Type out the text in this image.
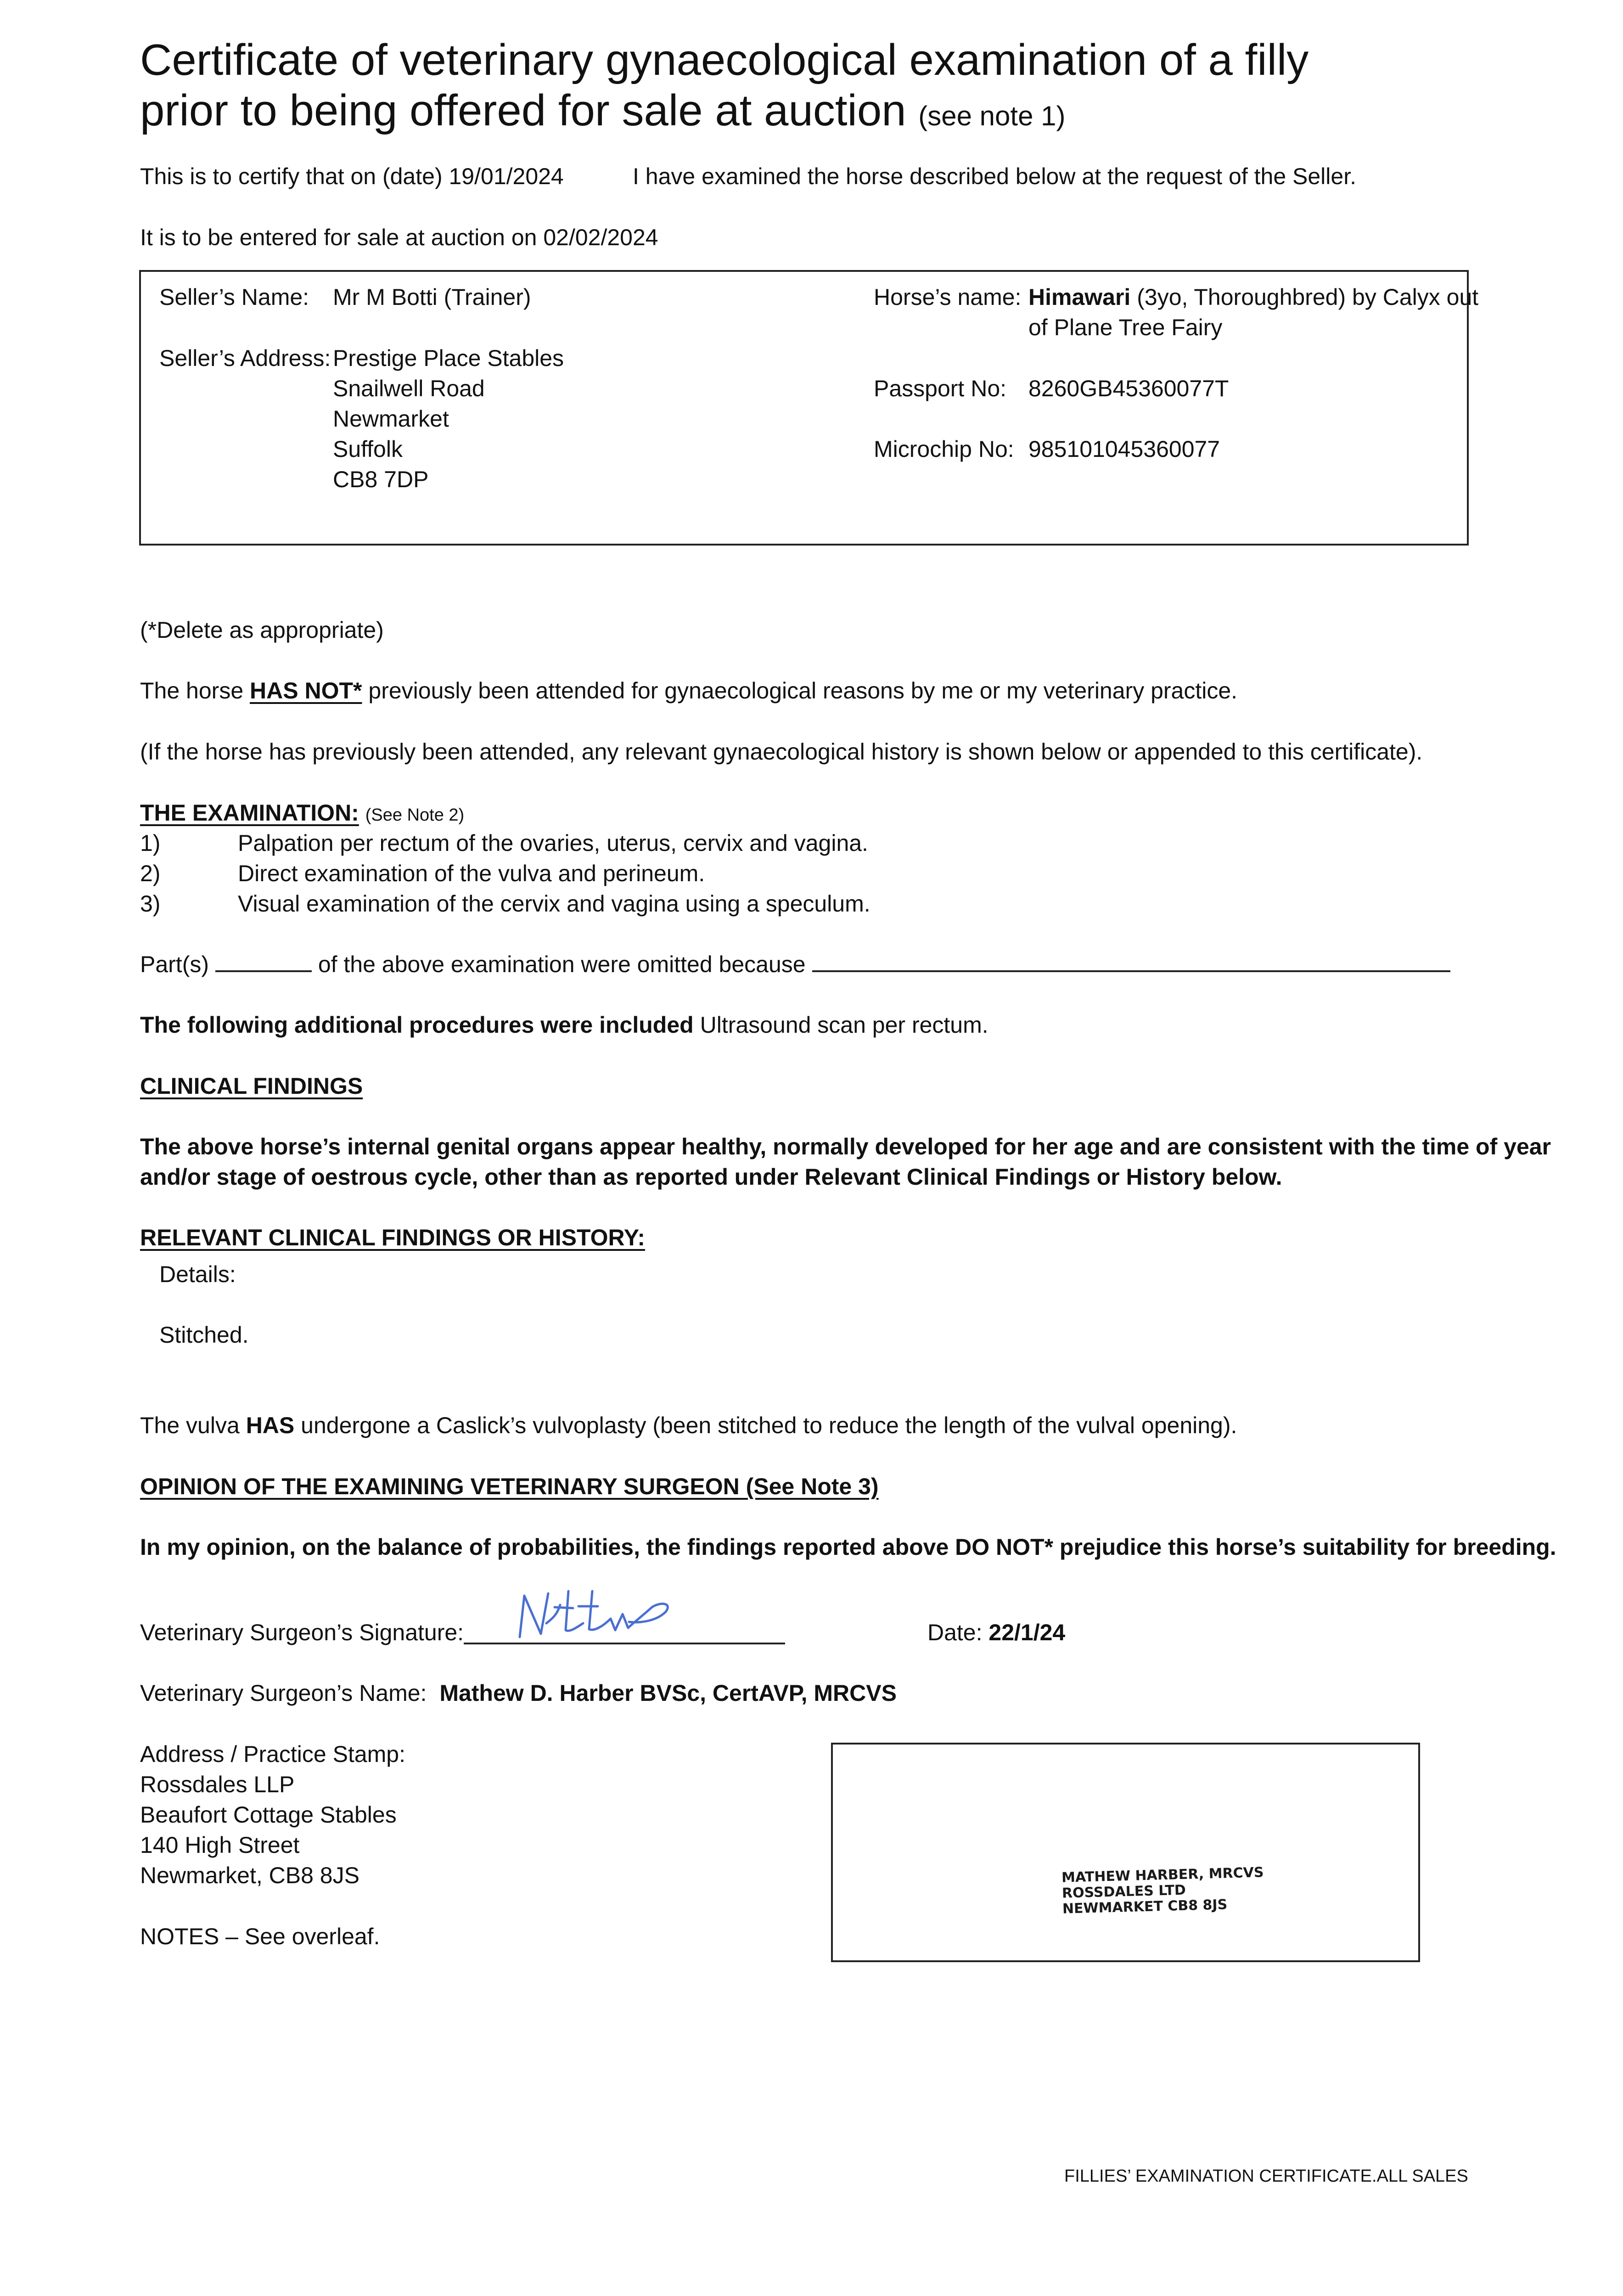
Certificate of veterinary gynaecological examination of a filly
prior to being offered for sale at auction (see note 1)
This is to certify that on (date) 19/01/2024	I have examined the horse described below at the request of the Seller.
It is to be entered for sale at auction on 02/02/2024
Seller’s Name: Mr M Botti (Trainer)
Seller’s Address: Prestige Place Stables
Snailwell Road
Newmarket
Suffolk
CB8 7DP
Horse’s name: Himawari (3yo, Thoroughbred) by Calyx out
of Plane Tree Fairy
Passport No: 8260GB45360077T
Microchip No: 985101045360077
(*Delete as appropriate)
The horse HAS NOT* previously been attended for gynaecological reasons by me or my veterinary practice.
(If the horse has previously been attended, any relevant gynaecological history is shown below or appended to this certificate).
THE EXAMINATION: (See Note 2)
1)	Palpation per rectum of the ovaries, uterus, cervix and vagina.
2)	Direct examination of the vulva and perineum.
3)	Visual examination of the cervix and vagina using a speculum.
Part(s)	of the above examination were omitted because
The following additional procedures were included Ultrasound scan per rectum.
CLINICAL FINDINGS
The above horse’s internal genital organs appear healthy, normally developed for her age and are consistent with the time of year
and/or stage of oestrous cycle, other than as reported under Relevant Clinical Findings or History below.
RELEVANT CLINICAL FINDINGS OR HISTORY:
Details:
Stitched.
The vulva HAS undergone a Caslick’s vulvoplasty (been stitched to reduce the length of the vulval opening).
OPINION OF THE EXAMINING VETERINARY SURGEON (See Note 3)
In my opinion, on the balance of probabilities, the findings reported above DO NOT* prejudice this horse’s suitability for breeding.
Veterinary Surgeon’s Signature:	Date: 22/1/24
Veterinary Surgeon’s Name: Mathew D. Harber BVSc, CertAVP, MRCVS
Address / Practice Stamp:
Rossdales LLP
Beaufort Cottage Stables
140 High Street
Newmarket, CB8 8JS
NOTES – See overleaf.
MATHEW HARBER, MRCVS
ROSSDALES LTD
NEWMARKET CB8 8JS
FILLIES’ EXAMINATION CERTIFICATE.ALL SALES
